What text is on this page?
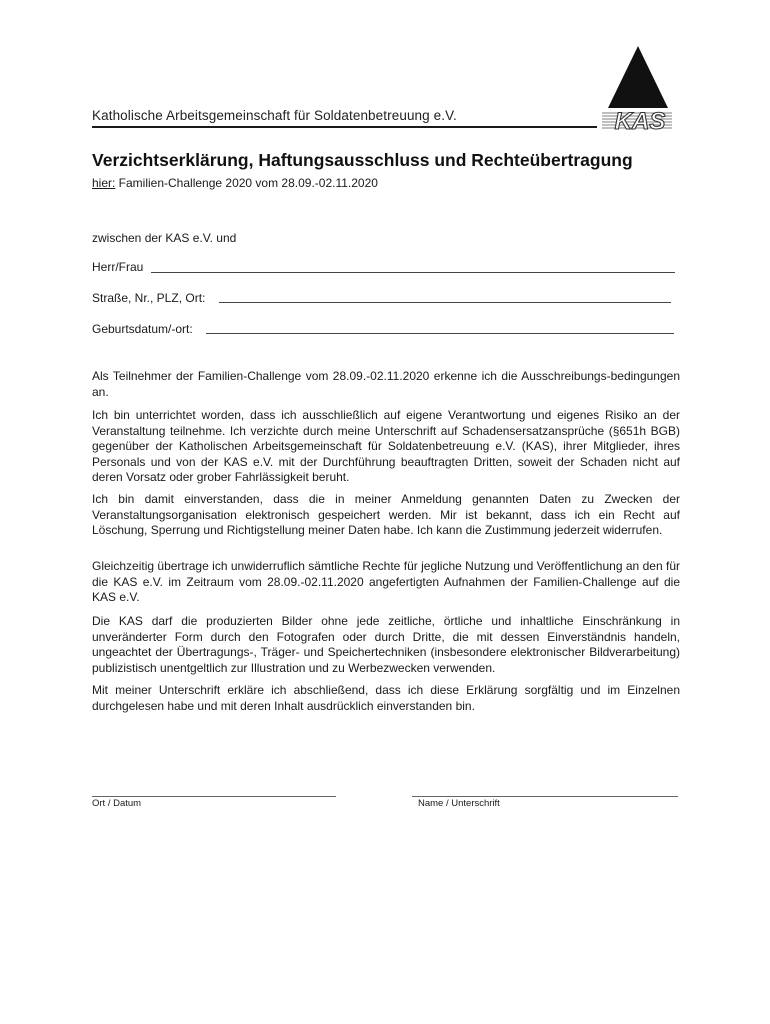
Katholische Arbeitsgemeinschaft für Soldatenbetreuung e.V.	KAS
Verzichtserklärung, Haftungsausschluss und Rechteübertragung
hier: Familien-Challenge 2020 vom 28.09.-02.11.2020
zwischen der KAS e.V. und
Herr/Frau
Straße, Nr., PLZ, Ort:
Geburtsdatum/-ort:
Als Teilnehmer der Familien-Challenge vom 28.09.-02.11.2020 erkenne ich die Ausschreibungs-bedingungen an.
Ich bin unterrichtet worden, dass ich ausschließlich auf eigene Verantwortung und eigenes Risiko an der Veranstaltung teilnehme. Ich verzichte durch meine Unterschrift auf Schadensersatzansprüche (§651h BGB) gegenüber der Katholischen Arbeitsgemeinschaft für Soldatenbetreuung e.V. (KAS), ihrer Mitglieder, ihres Personals und von der KAS e.V. mit der Durchführung beauftragten Dritten, soweit der Schaden nicht auf deren Vorsatz oder grober Fahrlässigkeit beruht.
Ich bin damit einverstanden, dass die in meiner Anmeldung genannten Daten zu Zwecken der Veranstaltungsorganisation elektronisch gespeichert werden. Mir ist bekannt, dass ich ein Recht auf Löschung, Sperrung und Richtigstellung meiner Daten habe. Ich kann die Zustimmung jederzeit widerrufen.
Gleichzeitig übertrage ich unwiderruflich sämtliche Rechte für jegliche Nutzung und Veröffentlichung an den für die KAS e.V. im Zeitraum vom 28.09.-02.11.2020 angefertigten Aufnahmen der Familien-Challenge auf die KAS e.V.
Die KAS darf die produzierten Bilder ohne jede zeitliche, örtliche und inhaltliche Einschränkung in unveränderter Form durch den Fotografen oder durch Dritte, die mit dessen Einverständnis handeln, ungeachtet der Übertragungs-, Träger- und Speichertechniken (insbesondere elektronischer Bildverarbeitung) publizistisch unentgeltlich zur Illustration und zu Werbezwecken verwenden.
Mit meiner Unterschrift erkläre ich abschließend, dass ich diese Erklärung sorgfältig und im Einzelnen durchgelesen habe und mit deren Inhalt ausdrücklich einverstanden bin.
Ort / Datum	Name / Unterschrift
